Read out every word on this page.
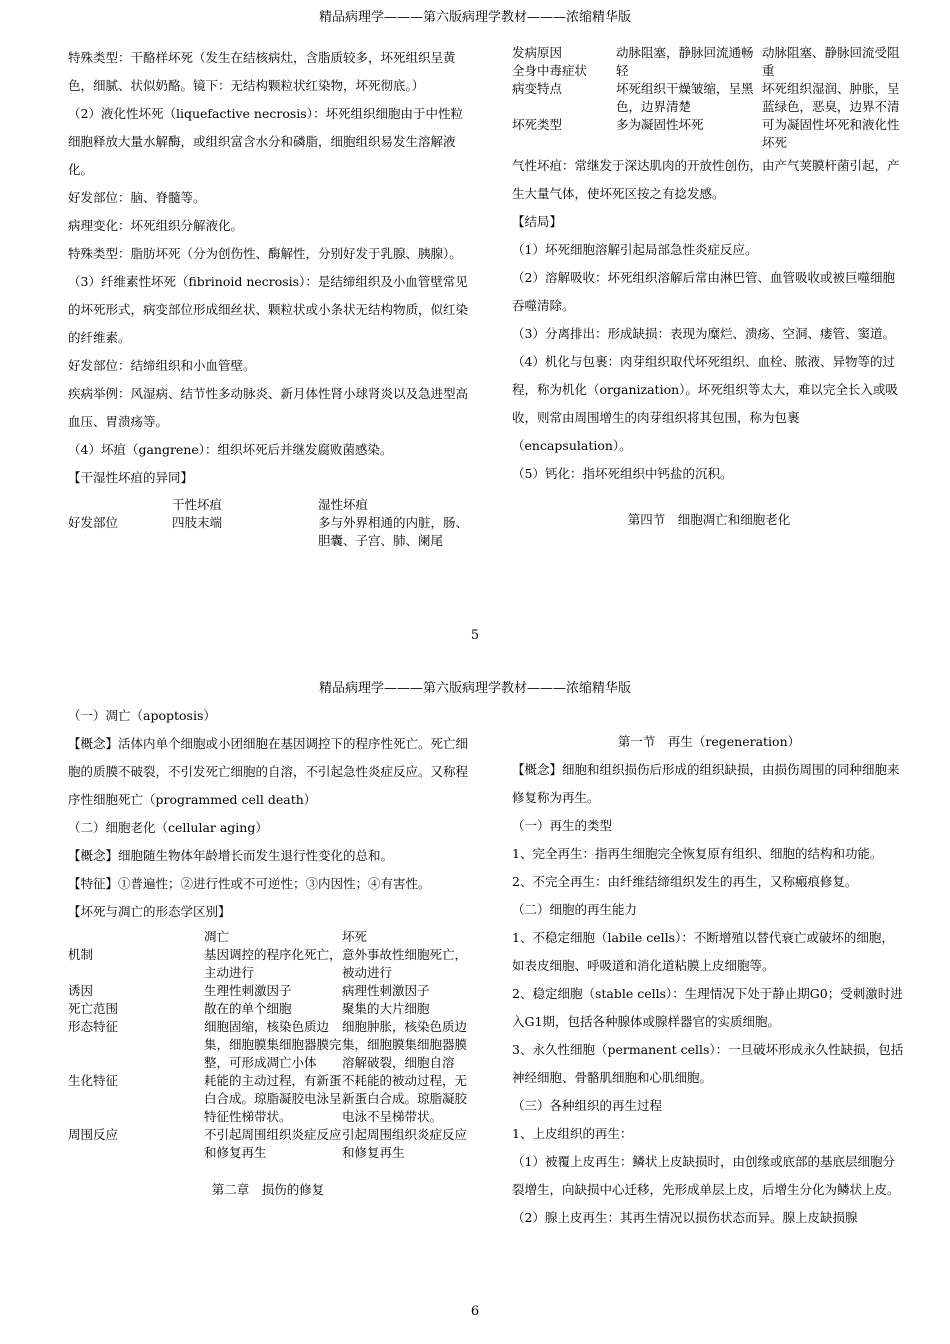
精品病理学———第六版病理学教材———浓缩精华版

特殊类型：干酪样坏死（发生在结核病灶，含脂质较多，坏死组织呈黄色，细腻、状似奶酪。镜下：无结构颗粒状红染物，坏死彻底。）

（2）液化性坏死（liquefactive necrosis）：坏死组织细胞由于中性粒细胞释放大量水解酶，或组织富含水分和磷脂，细胞组织易发生溶解液化。

好发部位：脑、脊髓等。

病理变化：坏死组织分解液化。

特殊类型：脂肪坏死（分为创伤性、酶解性，分别好发于乳腺、胰腺）。

（3）纤维素性坏死（fibrinoid necrosis）：是结缔组织及小血管壁常见的坏死形式，病变部位形成细丝状、颗粒状或小条状无结构物质，似红染的纤维素。

好发部位：结缔组织和小血管壁。

疾病举例：风湿病、结节性多动脉炎、新月体性肾小球肾炎以及急进型高血压、胃溃疡等。

（4）坏疽（gangrene）：组织坏死后并继发腐败菌感染。

【干湿性坏疽的异同】

	干性坏疽	湿性坏疽
好发部位	四肢末端	多与外界相通的内脏，肠、胆囊、子宫、肺、阑尾
发病原因	动脉阻塞，静脉回流通畅	动脉阻塞、静脉回流受阻
全身中毒症状	轻	重
病变特点	坏死组织干燥皱缩，呈黑色，边界清楚	坏死组织湿润、肿胀，呈蓝绿色，恶臭，边界不清
坏死类型	多为凝固性坏死	可为凝固性坏死和液化性坏死

气性坏疽：常继发于深达肌肉的开放性创伤，由产气荚膜杆菌引起，产生大量气体，使坏死区按之有捻发感。

【结局】

（1）坏死细胞溶解引起局部急性炎症反应。

（2）溶解吸收：坏死组织溶解后常由淋巴管、血管吸收或被巨噬细胞吞噬清除。

（3）分离排出：形成缺损：表现为糜烂、溃疡、空洞、瘘管、窦道。

（4）机化与包裹：肉芽组织取代坏死组织、血栓、脓液、异物等的过程，称为机化（organization）。坏死组织等太大，难以完全长入或吸收，则常由周围增生的肉芽组织将其包围，称为包裹（encapsulation）。

（5）钙化：指坏死组织中钙盐的沉积。

第四节　细胞凋亡和细胞老化

5
精品病理学———第六版病理学教材———浓缩精华版

（一）凋亡（apoptosis）

【概念】活体内单个细胞或小团细胞在基因调控下的程序性死亡。死亡细胞的质膜不破裂，不引发死亡细胞的自溶，不引起急性炎症反应。又称程序性细胞死亡（programmed cell death）

（二）细胞老化（cellular aging）

【概念】细胞随生物体年龄增长而发生退行性变化的总和。

【特征】①普遍性；②进行性或不可逆性；③内因性；④有害性。

【坏死与凋亡的形态学区别】

	凋亡	坏死
机制	基因调控的程序化死亡，主动进行	意外事故性细胞死亡，被动进行
诱因	生理性刺激因子	病理性刺激因子
死亡范围	散在的单个细胞	聚集的大片细胞
形态特征	细胞固缩，核染色质边集，细胞膜集细胞器膜完整，可形成凋亡小体	细胞肿胀，核染色质边集，细胞膜集细胞器膜溶解破裂，细胞自溶
生化特征	耗能的主动过程，有新蛋白合成。琼脂凝胶电泳呈特征性梯带状。	不耗能的被动过程，无新蛋白合成。琼脂凝胶电泳不呈梯带状。
周围反应	不引起周围组织炎症反应和修复再生	引起周围组织炎症反应和修复再生

第二章　损伤的修复

第一节　再生（regeneration）

【概念】细胞和组织损伤后形成的组织缺损，由损伤周围的同种细胞来修复称为再生。

（一）再生的类型

1、完全再生：指再生细胞完全恢复原有组织、细胞的结构和功能。

2、不完全再生：由纤维结缔组织发生的再生，又称瘢痕修复。

（二）细胞的再生能力

1、不稳定细胞（labile cells）：不断增殖以替代衰亡或破坏的细胞，如表皮细胞、呼吸道和消化道粘膜上皮细胞等。

2、稳定细胞（stable cells）：生理情况下处于静止期G0；受刺激时进入G1期，包括各种腺体或腺样器官的实质细胞。

3、永久性细胞（permanent cells）：一旦破坏形成永久性缺损，包括神经细胞、骨骼肌细胞和心肌细胞。

（三）各种组织的再生过程

1、上皮组织的再生：

（1）被覆上皮再生：鳞状上皮缺损时，由创缘或底部的基底层细胞分裂增生，向缺损中心迁移，先形成单层上皮，后增生分化为鳞状上皮。

（2）腺上皮再生：其再生情况以损伤状态而异。腺上皮缺损腺

6
